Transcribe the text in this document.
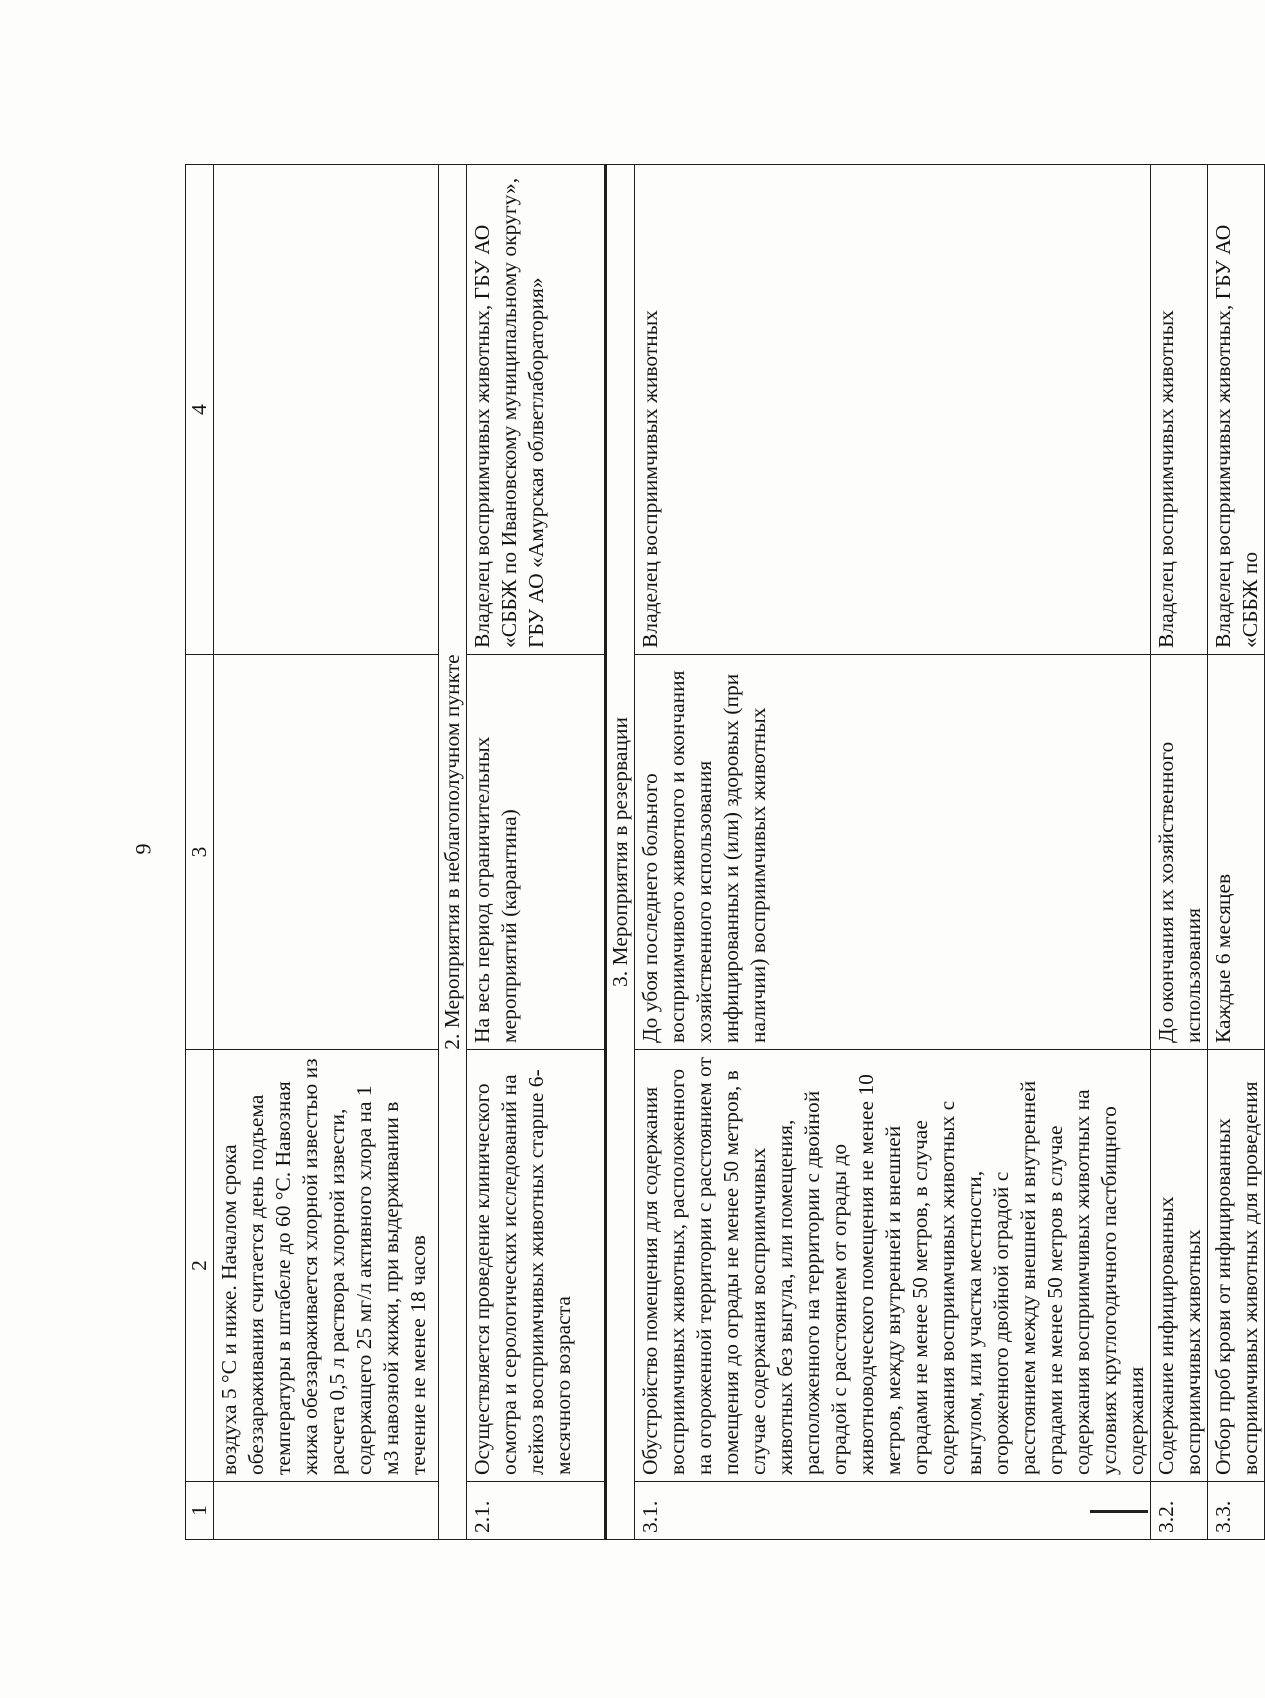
9
1	2	3	4
	воздуха 5 °С и ниже. Началом срока обеззараживания считается день подъема температуры в штабеле до 60 °С. Навозная жижа обеззараживается хлорной известью из расчета 0,5 л раствора хлорной извести, содержащего 25 мг/л активного хлора на 1 м3 навозной жижи, при выдерживании в течение не менее 18 часов		
2. Мероприятия в неблагополучном пункте			
2.1.	Осуществляется проведение клинического осмотра и серологических исследований на лейкоз восприимчивых животных старше 6-месячного возраста	На весь период ограничительных мероприятий (карантина)	Владелец восприимчивых животных, ГБУ АО «СББЖ по Ивановскому муниципальному округу», ГБУ АО «Амурская облветлаборатория»
3. Мероприятия в резервации			
3.1.	Обустройство помещения для содержания восприимчивых животных, расположенного на огороженной территории с расстоянием от помещения до ограды не менее 50 метров, в случае содержания восприимчивых животных без выгула, или помещения, расположенного на территории с двойной оградой с расстоянием от ограды до животноводческого помещения не менее 10 метров, между внутренней и внешней оградами не менее 50 метров, в случае содержания восприимчивых животных с выгулом, или участка местности, огороженного двойной оградой с расстоянием между внешней и внутренней оградами не менее 50 метров в случае содержания восприимчивых животных на условиях круглогодичного пастбищного содержания	До убоя последнего больного восприимчивого животного и окончания хозяйственного использования инфицированных и (или) здоровых (при наличии) восприимчивых животных	Владелец восприимчивых животных
3.2.	Содержание инфицированных восприимчивых животных	До окончания их хозяйственного использования	Владелец восприимчивых животных
3.3.	Отбор проб крови от инфицированных восприимчивых животных для проведения	Каждые 6 месяцев	Владелец восприимчивых животных, ГБУ АО «СББЖ по
